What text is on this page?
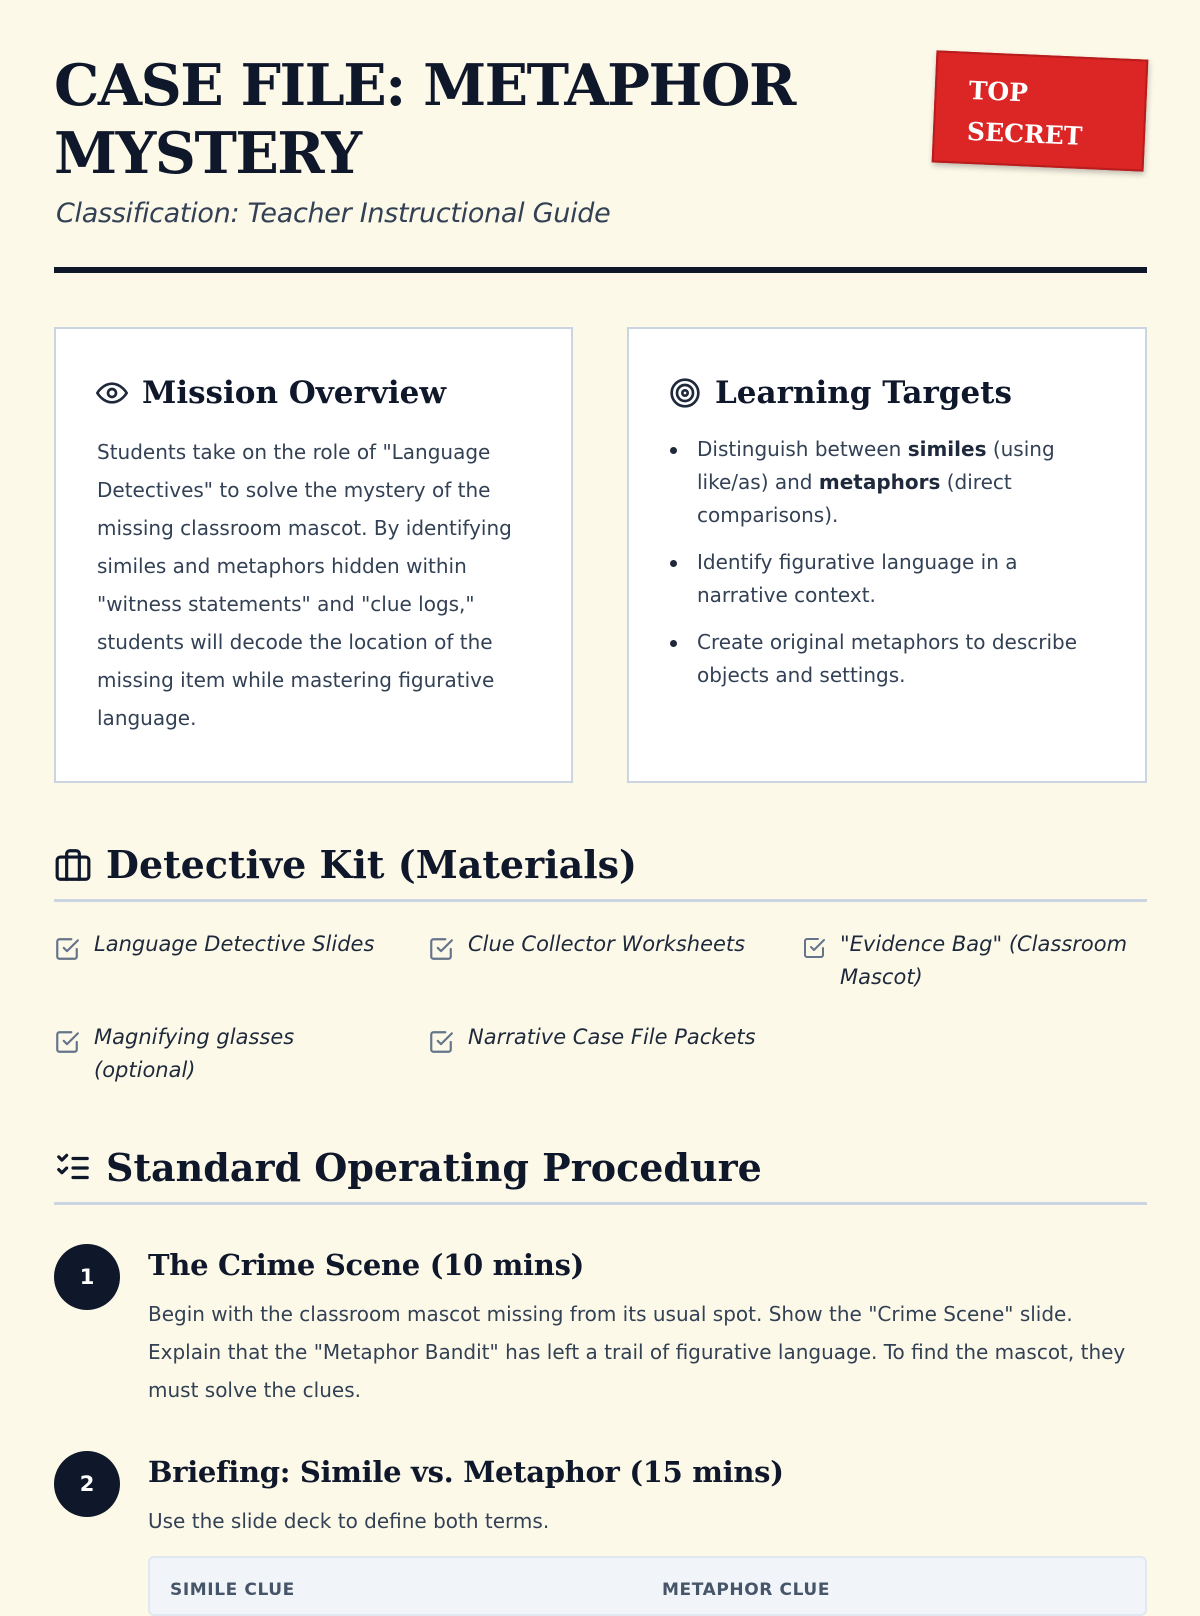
CASE FILE: METAPHOR MYSTERY
Classification: Teacher Instructional Guide
TOP SECRET
Mission Overview

Students take on the role of "Language Detectives" to solve the mystery of the missing classroom mascot. By identifying similes and metaphors hidden within "witness statements" and "clue logs," students will decode the location of the missing item while mastering figurative language.

Learning Targets
Distinguish between similes (using like/as) and metaphors (direct comparisons).
Identify figurative language in a narrative context.
Create original metaphors to describe objects and settings.
Detective Kit (Materials)
Language Detective Slides	Clue Collector Worksheets	"Evidence Bag" (Classroom Mascot)
Magnifying glasses (optional)
Narrative Case File Packets
Standard Operating Procedure
1	The Crime Scene (10 mins)

Begin with the classroom mascot missing from its usual spot. Show the "Crime Scene" slide. Explain that the "Metaphor Bandit" has left a trail of figurative language. To find the mascot, they must solve the clues.

2	Briefing: Simile vs. Metaphor (15 mins)

Use the slide deck to define both terms.

SIMILE CLUE	METAPHOR CLUE
